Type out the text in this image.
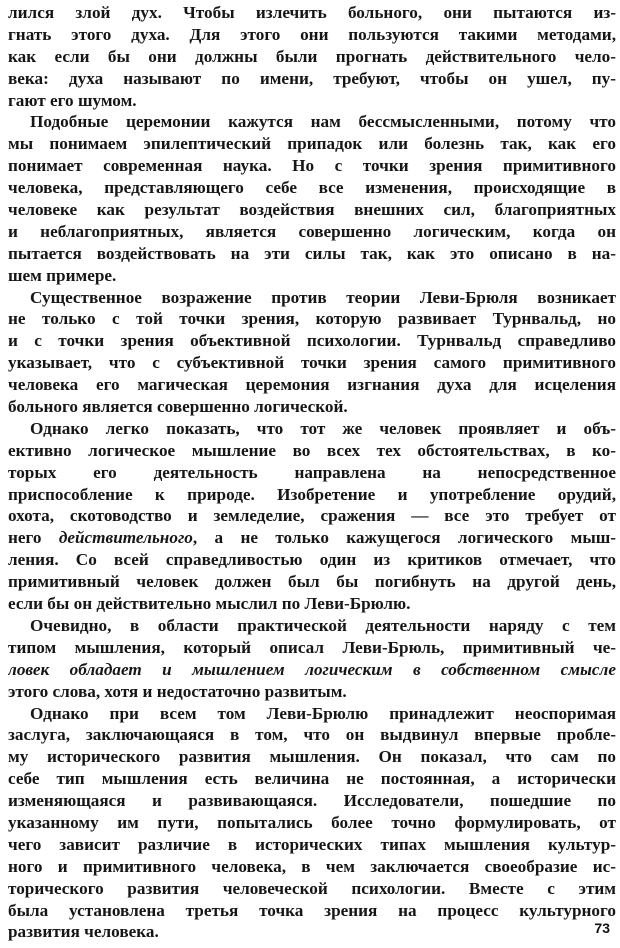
лился злой дух. Чтобы излечить больного, они пытаются из-
гнать этого духа. Для этого они пользуются такими методами,
как если бы они должны были прогнать действительного чело-
века: духа называют по имени, требуют, чтобы он ушел, пу-
гают его шумом.
Подобные церемонии кажутся нам бессмысленными, потому что
мы понимаем эпилептический припадок или болезнь так, как его
понимает современная наука. Но с точки зрения примитивного
человека, представляющего себе все изменения, происходящие в
человеке как результат воздействия внешних сил, благоприятных
и неблагоприятных, является совершенно логическим, когда он
пытается воздействовать на эти силы так, как это описано в на-
шем примере.
Существенное возражение против теории Леви-Брюля возникает
не только с той точки зрения, которую развивает Турнвальд, но
и с точки зрения объективной психологии. Турнвальд справедливо
указывает, что с субъективной точки зрения самого примитивного
человека его магическая церемония изгнания духа для исцеления
больного является совершенно логической.
Однако легко показать, что тот же человек проявляет и объ-
ективно логическое мышление во всех тех обстоятельствах, в ко-
торых его деятельность направлена на непосредственное
приспособление к природе. Изобретение и употребление орудий,
охота, скотоводство и земледелие, сражения — все это требует от
него действительного, а не только кажущегося логического мыш-
ления. Со всей справедливостью один из критиков отмечает, что
примитивный человек должен был бы погибнуть на другой день,
если бы он действительно мыслил по Леви-Брюлю.
Очевидно, в области практической деятельности наряду с тем
типом мышления, который описал Леви-Брюль, примитивный че-
ловек обладает и мышлением логическим в собственном смысле
этого слова, хотя и недостаточно развитым.
Однако при всем том Леви-Брюлю принадлежит неоспоримая
заслуга, заключающаяся в том, что он выдвинул впервые пробле-
му исторического развития мышления. Он показал, что сам по
себе тип мышления есть величина не постоянная, а исторически
изменяющаяся и развивающаяся. Исследователи, пошедшие по
указанному им пути, попытались более точно формулировать, от
чего зависит различие в исторических типах мышления культур-
ного и примитивного человека, в чем заключается своеобразие ис-
торического развития человеческой психологии. Вместе с этим
была установлена третья точка зрения на процесс культурного
развития человека.	73
